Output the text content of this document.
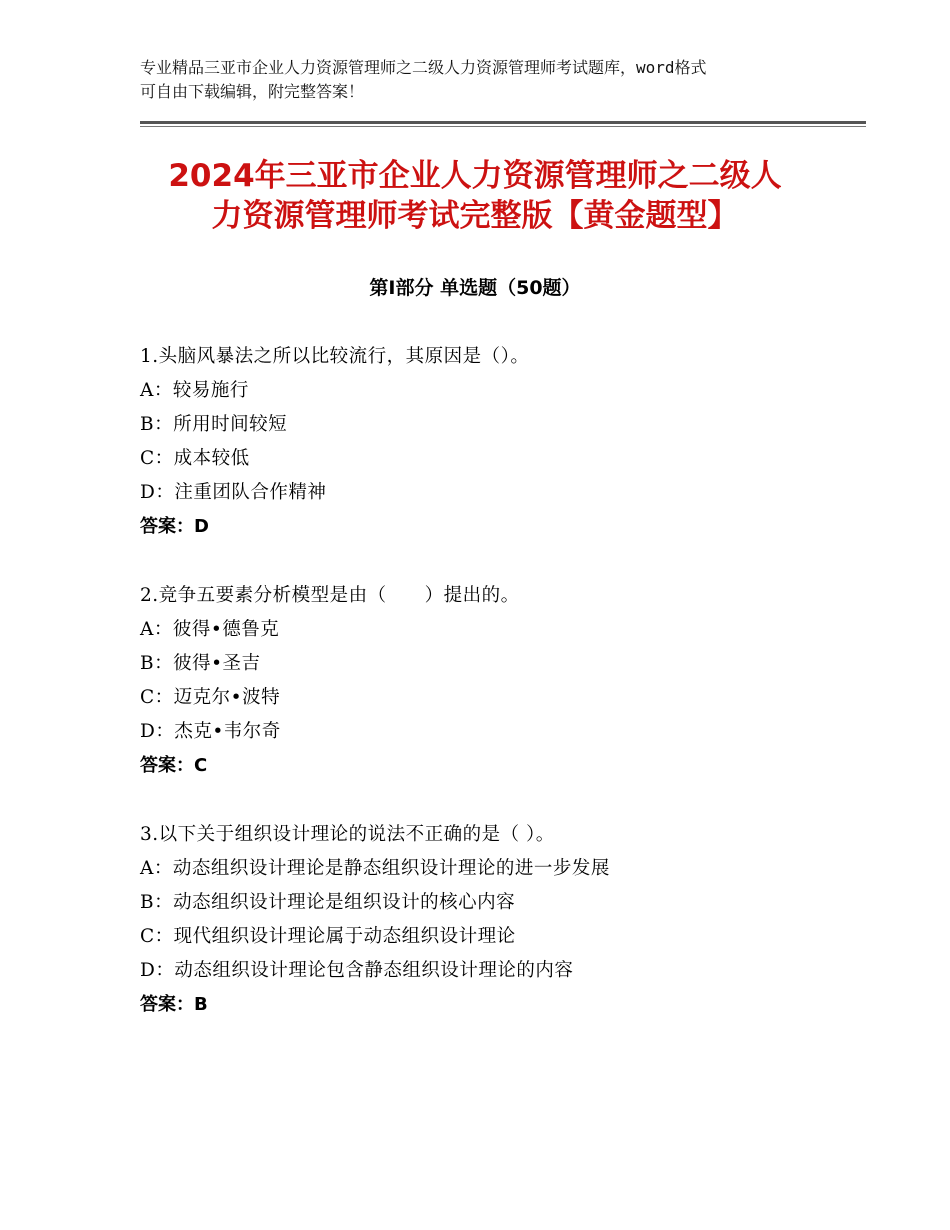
专业精品三亚市企业人力资源管理师之二级人力资源管理师考试题库，word格式
可自由下载编辑，附完整答案！
2024年三亚市企业人力资源管理师之二级人
力资源管理师考试完整版【黄金题型】
第Ⅰ部分 单选题（50题）
1.头脑风暴法之所以比较流行，其原因是（）。
A：较易施行
B：所用时间较短
C：成本较低
D：注重团队合作精神
答案：D
2.竞争五要素分析模型是由（　　）提出的。
A：彼得•德鲁克
B：彼得•圣吉
C：迈克尔•波特
D：杰克•韦尔奇
答案：C
3.以下关于组织设计理论的说法不正确的是（ ）。
A：动态组织设计理论是静态组织设计理论的进一步发展
B：动态组织设计理论是组织设计的核心内容
C：现代组织设计理论属于动态组织设计理论
D：动态组织设计理论包含静态组织设计理论的内容
答案：B
